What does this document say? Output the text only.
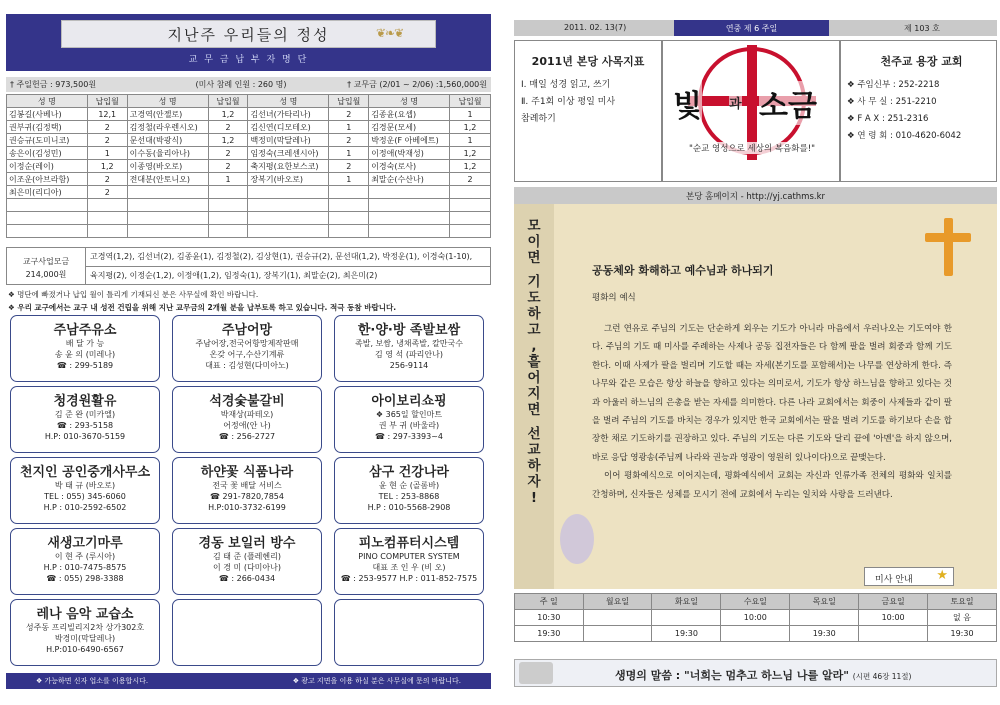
지난주 우리들의 정성	❦❧❦
교 무 금 납 부 자 명 단
† 주일헌금 : 973,500원	(미사 참례 인원 : 260 명)	† 교무금 (2/01 ~ 2/06) :1,560,000원
성 명	납입월	성 명	납입월	성 명	납입월	성 명	납입월
김봉길(사베나)	12,1	고경역(안젤로)	1,2	김선녀(가타리나)	2	김종윤(요셉)	1
권부귀(김정택)	2	김정철(라우렌시오)	2	김신연(디모테오)	1	김경문(모세)	1,2
권승규(도미니코)	2	문선대(박광식)	1,2	백정미(막달레나)	2	박정운(F 아베에트)	1
송은이(김성민)	1	이수동(율리아나)	2	임정숙(크레센시아)	1	이정애(박재성)	1,2
이정순(레이)	1,2	이종영(바오로)	2	축지평(요한보스코)	2	이경숙(로사)	1,2
이조운(아브라함)	2	전대분(안토니오)	1	장복기(바오로)	1	최말순(수산나)	2
최은미(리디아)	2						

교구사업모금
214,000원
고경역(1,2), 김선녀(2), 김종윤(1), 김정철(2), 김상현(1), 권승규(2), 문선대(1,2), 박정운(1), 이경숙(1-10),
육지평(2), 이정순(1,2), 이정애(1,2), 임정숙(1), 장복기(1), 최말순(2), 최은미(2)
❖ 명단에 빠졌거나 납입 월이 틀리게 기재되신 분은 사무실에 확인 바랍니다.
❖ 우리 교구에서는 교구 내 성전 건립을 위해 지난 교무금의 2개월 분을 납부토록 하고 있습니다. 적극 동참 바랍니다.
주남주유소
배 달 가 능
송 윤 의 (미레나)
☎ : 299-5189
주남어망
주남어장,전국어항망제작판매
온갖 어구,수산기계류
대표 : 김성현(다미아노)
한·양·방 족발보쌈
족발, 보쌈, 냉채족발, 칼만국수
김 영 석 (파리안나)
256-9114
청경원활유
김 준 완 (미카엘)
☎ : 293-5158
H.P: 010-3670-5159
석경숯불갈비
박재상(파테오)
어정애(안 나)
☎ : 256-2727
아이보리쇼핑
❖ 365일 할인마트
권 부 귀 (바울라)
☎ : 297-3393~4
천지인 공인중개사무소
박 태 규 (바오로)
TEL : 055) 345-6060
H.P : 010-2592-6502
하얀꽃 식품나라
전국 꽃 배달 서비스
☎ 291-7820,7854
H.P:010-3732-6199
삼구 건강나라
윤 현 순 (골롬바)
TEL : 253-8868
H.P : 010-5568-2908
새생고기마루
이 현 주 (루시아)
H.P : 010-7475-8575
☎ : 055) 298-3388
경동 보일러 방수
김 태 준 (플레헨리)
이 경 미 (다미아나)
☎ : 266-0434
피노컴퓨터시스템
PINO COMPUTER SYSTEM
대표 조 인 우 (비 오)
☎ : 253-9577 H.P : 011-852-7575
레나 음악 교습소
성주동 프리빌리지2차 상가302호
박경미(막달레나)
H.P:010-6490-6567
❖ 가능하면 신자 업소를 이용합시다.	❖ 광고 지면을 이용 하실 분은 사무실에 문의 바랍니다.
2011. 02. 13(7)	연중 제 6 주일	제 103 호
2011년 본당 사목지표
Ⅰ. 매일 성경 읽고, 쓰기
Ⅱ. 주1회 이상 평일 미사
참례하기	빛 과 소금
"순교 영성으로 세상의 복음화를!"
천주교 용장 교회
❖ 주임신부 : 252-2218
❖ 사 무 실 : 251-2210
❖ F A X : 251-2316
❖ 연 령 회 : 010-4620-6042
본당 홈메이지 - http://yj.cathms.kr
모
이
면
기
도
하
고
,
흩
어
지
면
선
교
하
자
!
공동체와 화해하고 예수님과 하나되기
평화의 예식

그런 연유로 주님의 기도는 단순하게 외우는 기도가 아니라 마음에서 우러나오는 기도여야 한다. 주님의 기도 때 미사를 주례하는 사제나 공동 집전자들은 다 함께 팔을 벌려 회중과 함께 기도한다. 이때 사제가 팔을 벌리며 기도할 때는 자세(본기도를 포함해서)는 나무를 연상하게 한다. 즉 나무와 같은 모습은 항상 하늘을 향하고 있다는 의미로서, 기도가 항상 하느님을 향하고 있다는 것과 아울러 하느님의 은총을 받는 자세를 의미한다. 다른 나라 교회에서는 회중이 사제들과 같이 팔을 벌려 주님의 기도를 바치는 경우가 있지만 한국 교회에서는 팔을 벌려 기도를 하기보다 손을 합장한 채로 기도하기를 권장하고 있다. 주님의 기도는 다른 기도와 달리 끝에 '아멘'을 하지 않으며, 바로 응답 영광송(주님께 나라와 권능과 영광이 영원히 있나이다)으로 끝맺는다.

이어 평화예식으로 이어지는데, 평화예식에서 교회는 자신과 인류가족 전체의 평화와 일치를 간청하며, 신자들은 성체를 모시기 전에 교회에서 누리는 일치와 사랑을 드러낸다.

미사 안내 ★
주 일	월요일	화요일	수요일	목요일	금요일	토요일
10:30			10:00		10:00	없 음
19:30		19:30		19:30		19:30
생명의 말씀 : "너희는 멈추고 하느님 나를 알라" (시편 46장 11절)
